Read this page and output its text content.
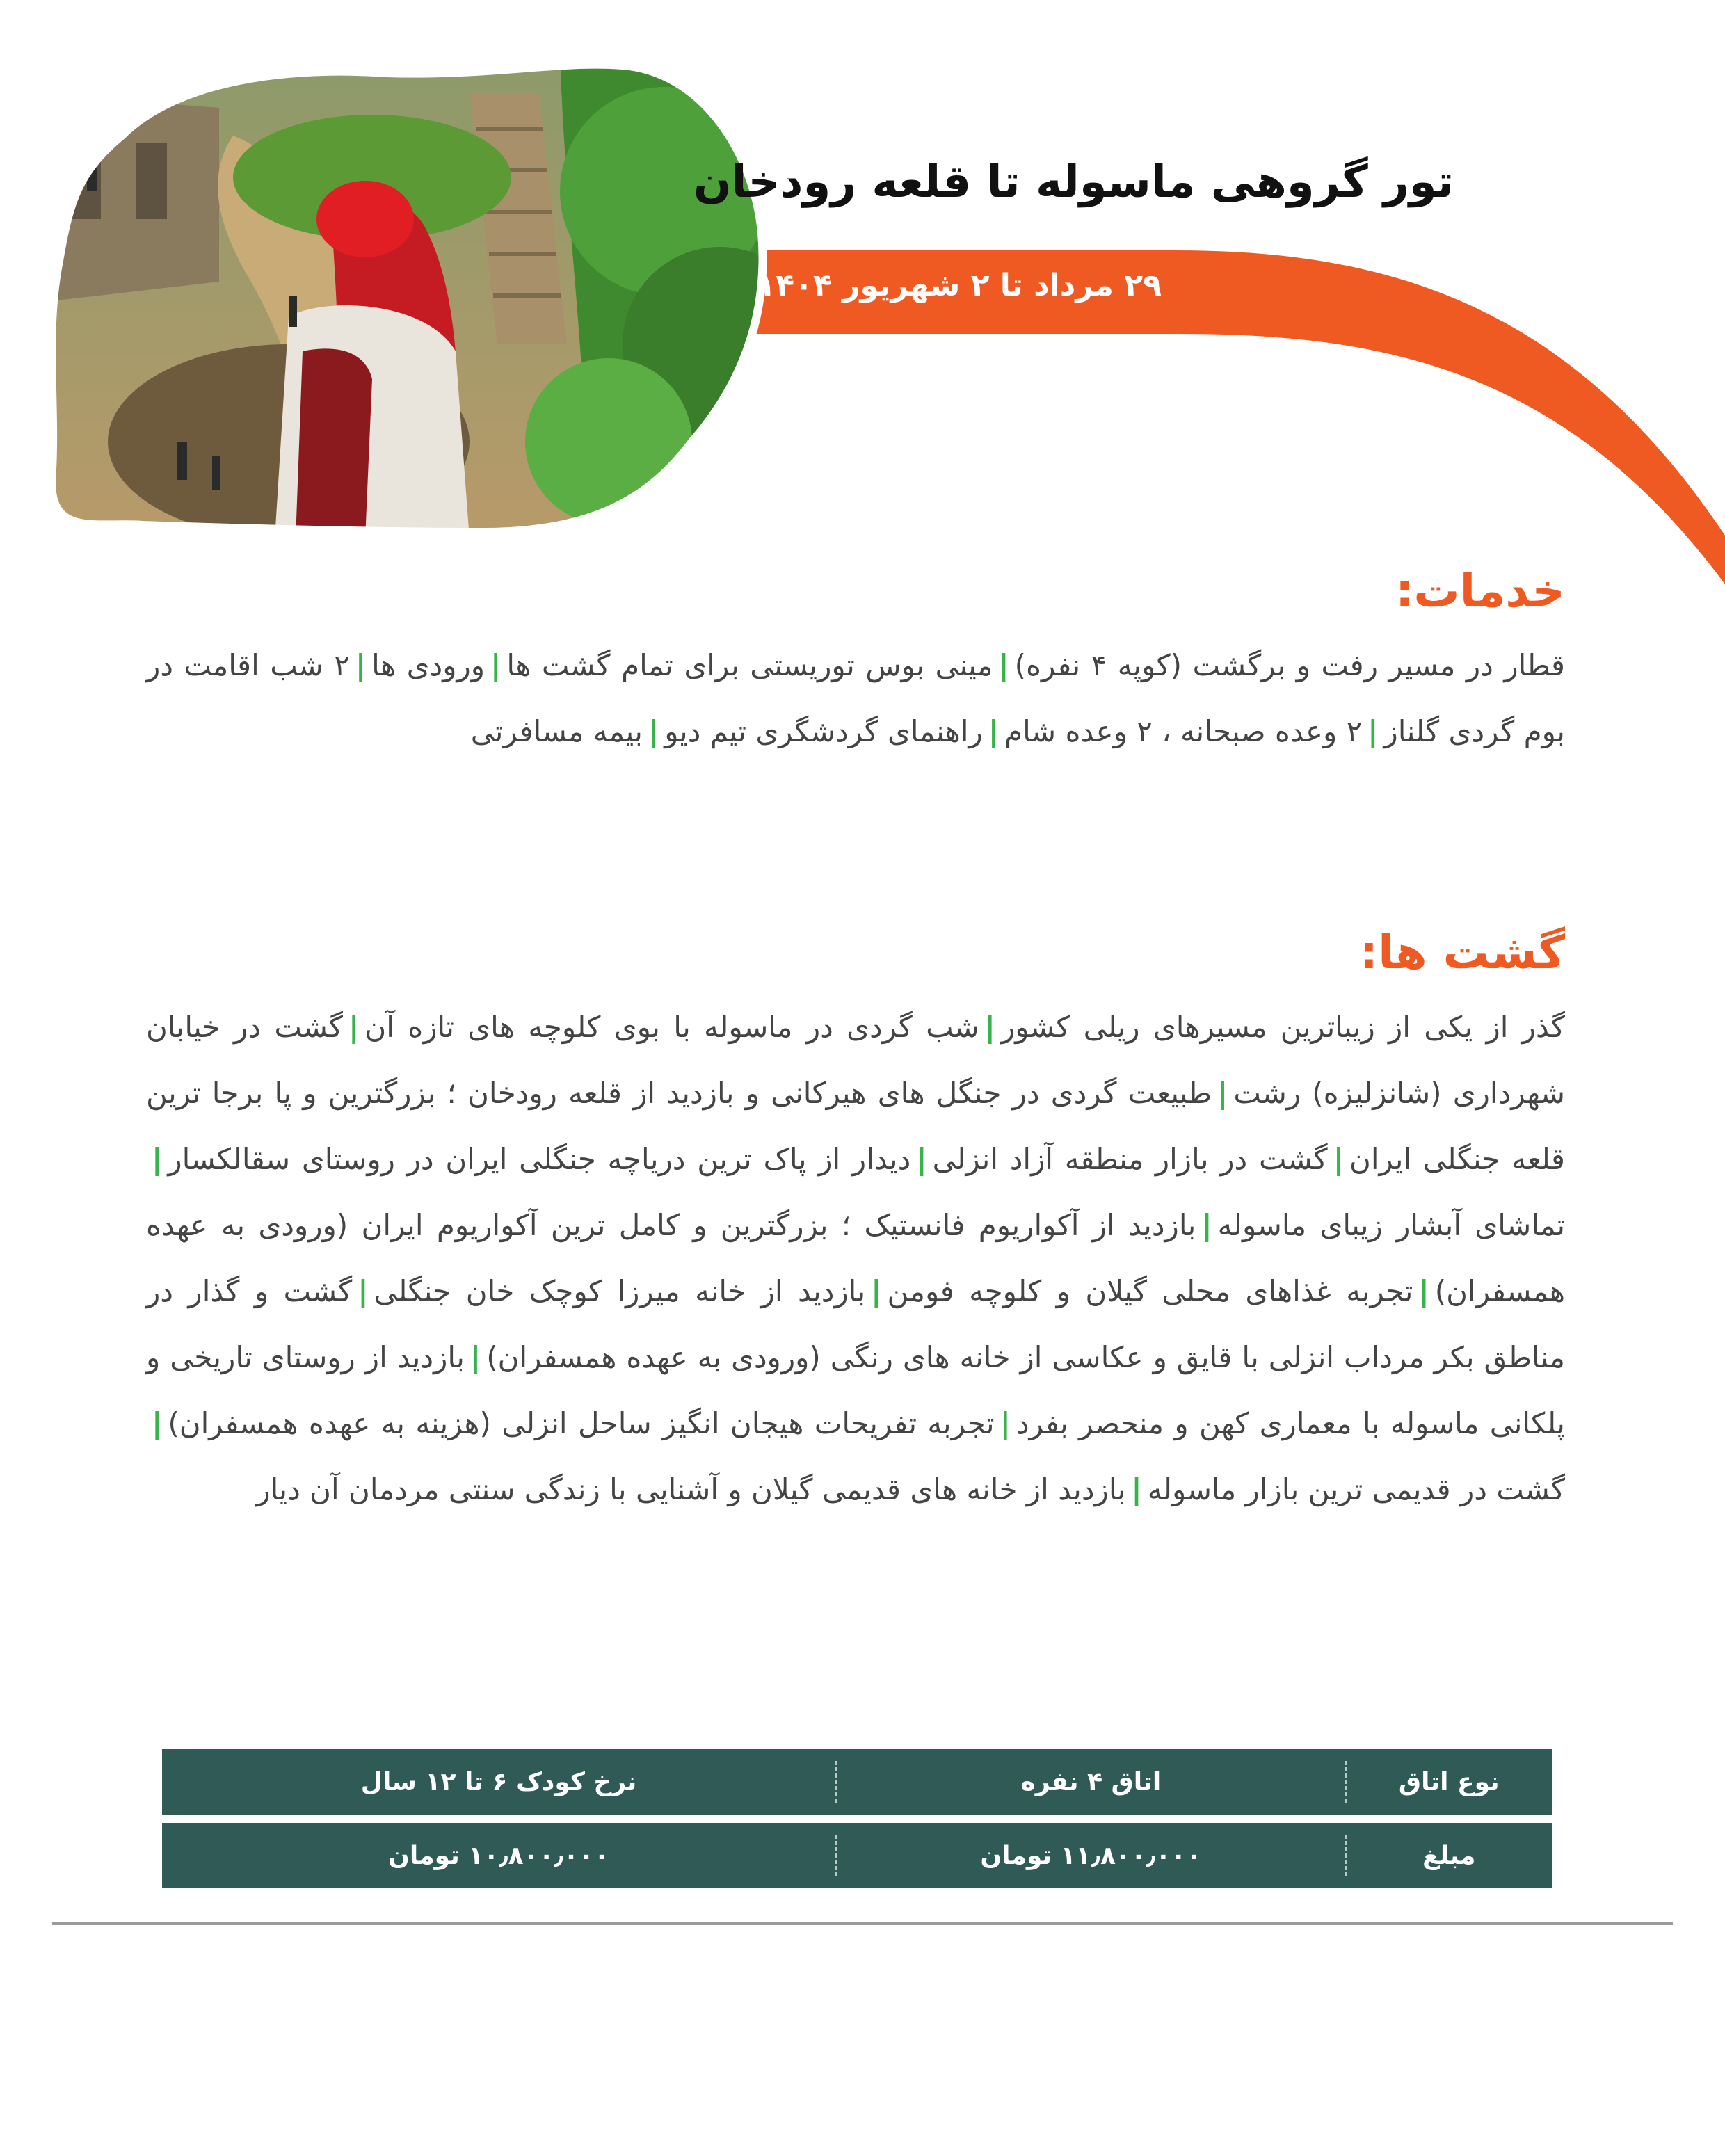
تور گروهی ماسوله تا قلعه رودخان
۲۹ مرداد تا ۲ شهریور ۱۴۰۴
خدمات:
قطار در مسیر رفت و برگشت (کوپه ۴ نفره)|مینی بوس توریستی برای تمام گشت ها|ورودی ها|۲ شب اقامت در بوم گردی گلناز|۲ وعده صبحانه ، ۲ وعده شام|راهنمای گردشگری تیم دیو|بیمه مسافرتی
گشت ها:
گذر از یکی از زیباترین مسیرهای ریلی کشور|شب گردی در ماسوله با بوی کلوچه های تازه آن|گشت در خیابان شهرداری (شانزلیزه) رشت|طبیعت گردی در جنگل های هیرکانی و بازدید از قلعه رودخان ؛ بزرگترین و پا برجا ترین قلعه جنگلی ایران|گشت در بازار منطقه آزاد انزلی|دیدار از پاک ترین دریاچه جنگلی ایران در روستای سقالکسار|تماشای آبشار زیبای ماسوله|بازدید از آکواریوم فانستیک ؛ بزرگترین و کامل ترین آکواریوم ایران (ورودی به عهده همسفران)|تجربه غذاهای محلی گیلان و کلوچه فومن|بازدید از خانه میرزا کوچک خان جنگلی|گشت و گذار در مناطق بکر مرداب انزلی با قایق و عکاسی از خانه های رنگی (ورودی به عهده همسفران)|بازدید از روستای تاریخی و پلکانی ماسوله با معماری کهن و منحصر بفرد|تجربه تفریحات هیجان انگیز ساحل انزلی (هزینه به عهده همسفران)|گشت در قدیمی ترین بازار ماسوله|بازدید از خانه های قدیمی گیلان و آشنایی با زندگی سنتی مردمان آن دیار
نوع اتاق
اتاق ۴ نفره
نرخ کودک ۶ تا ۱۲ سال
مبلغ
۱۱٫۸۰۰٫۰۰۰ تومان
۱۰٫۸۰۰٫۰۰۰ تومان
